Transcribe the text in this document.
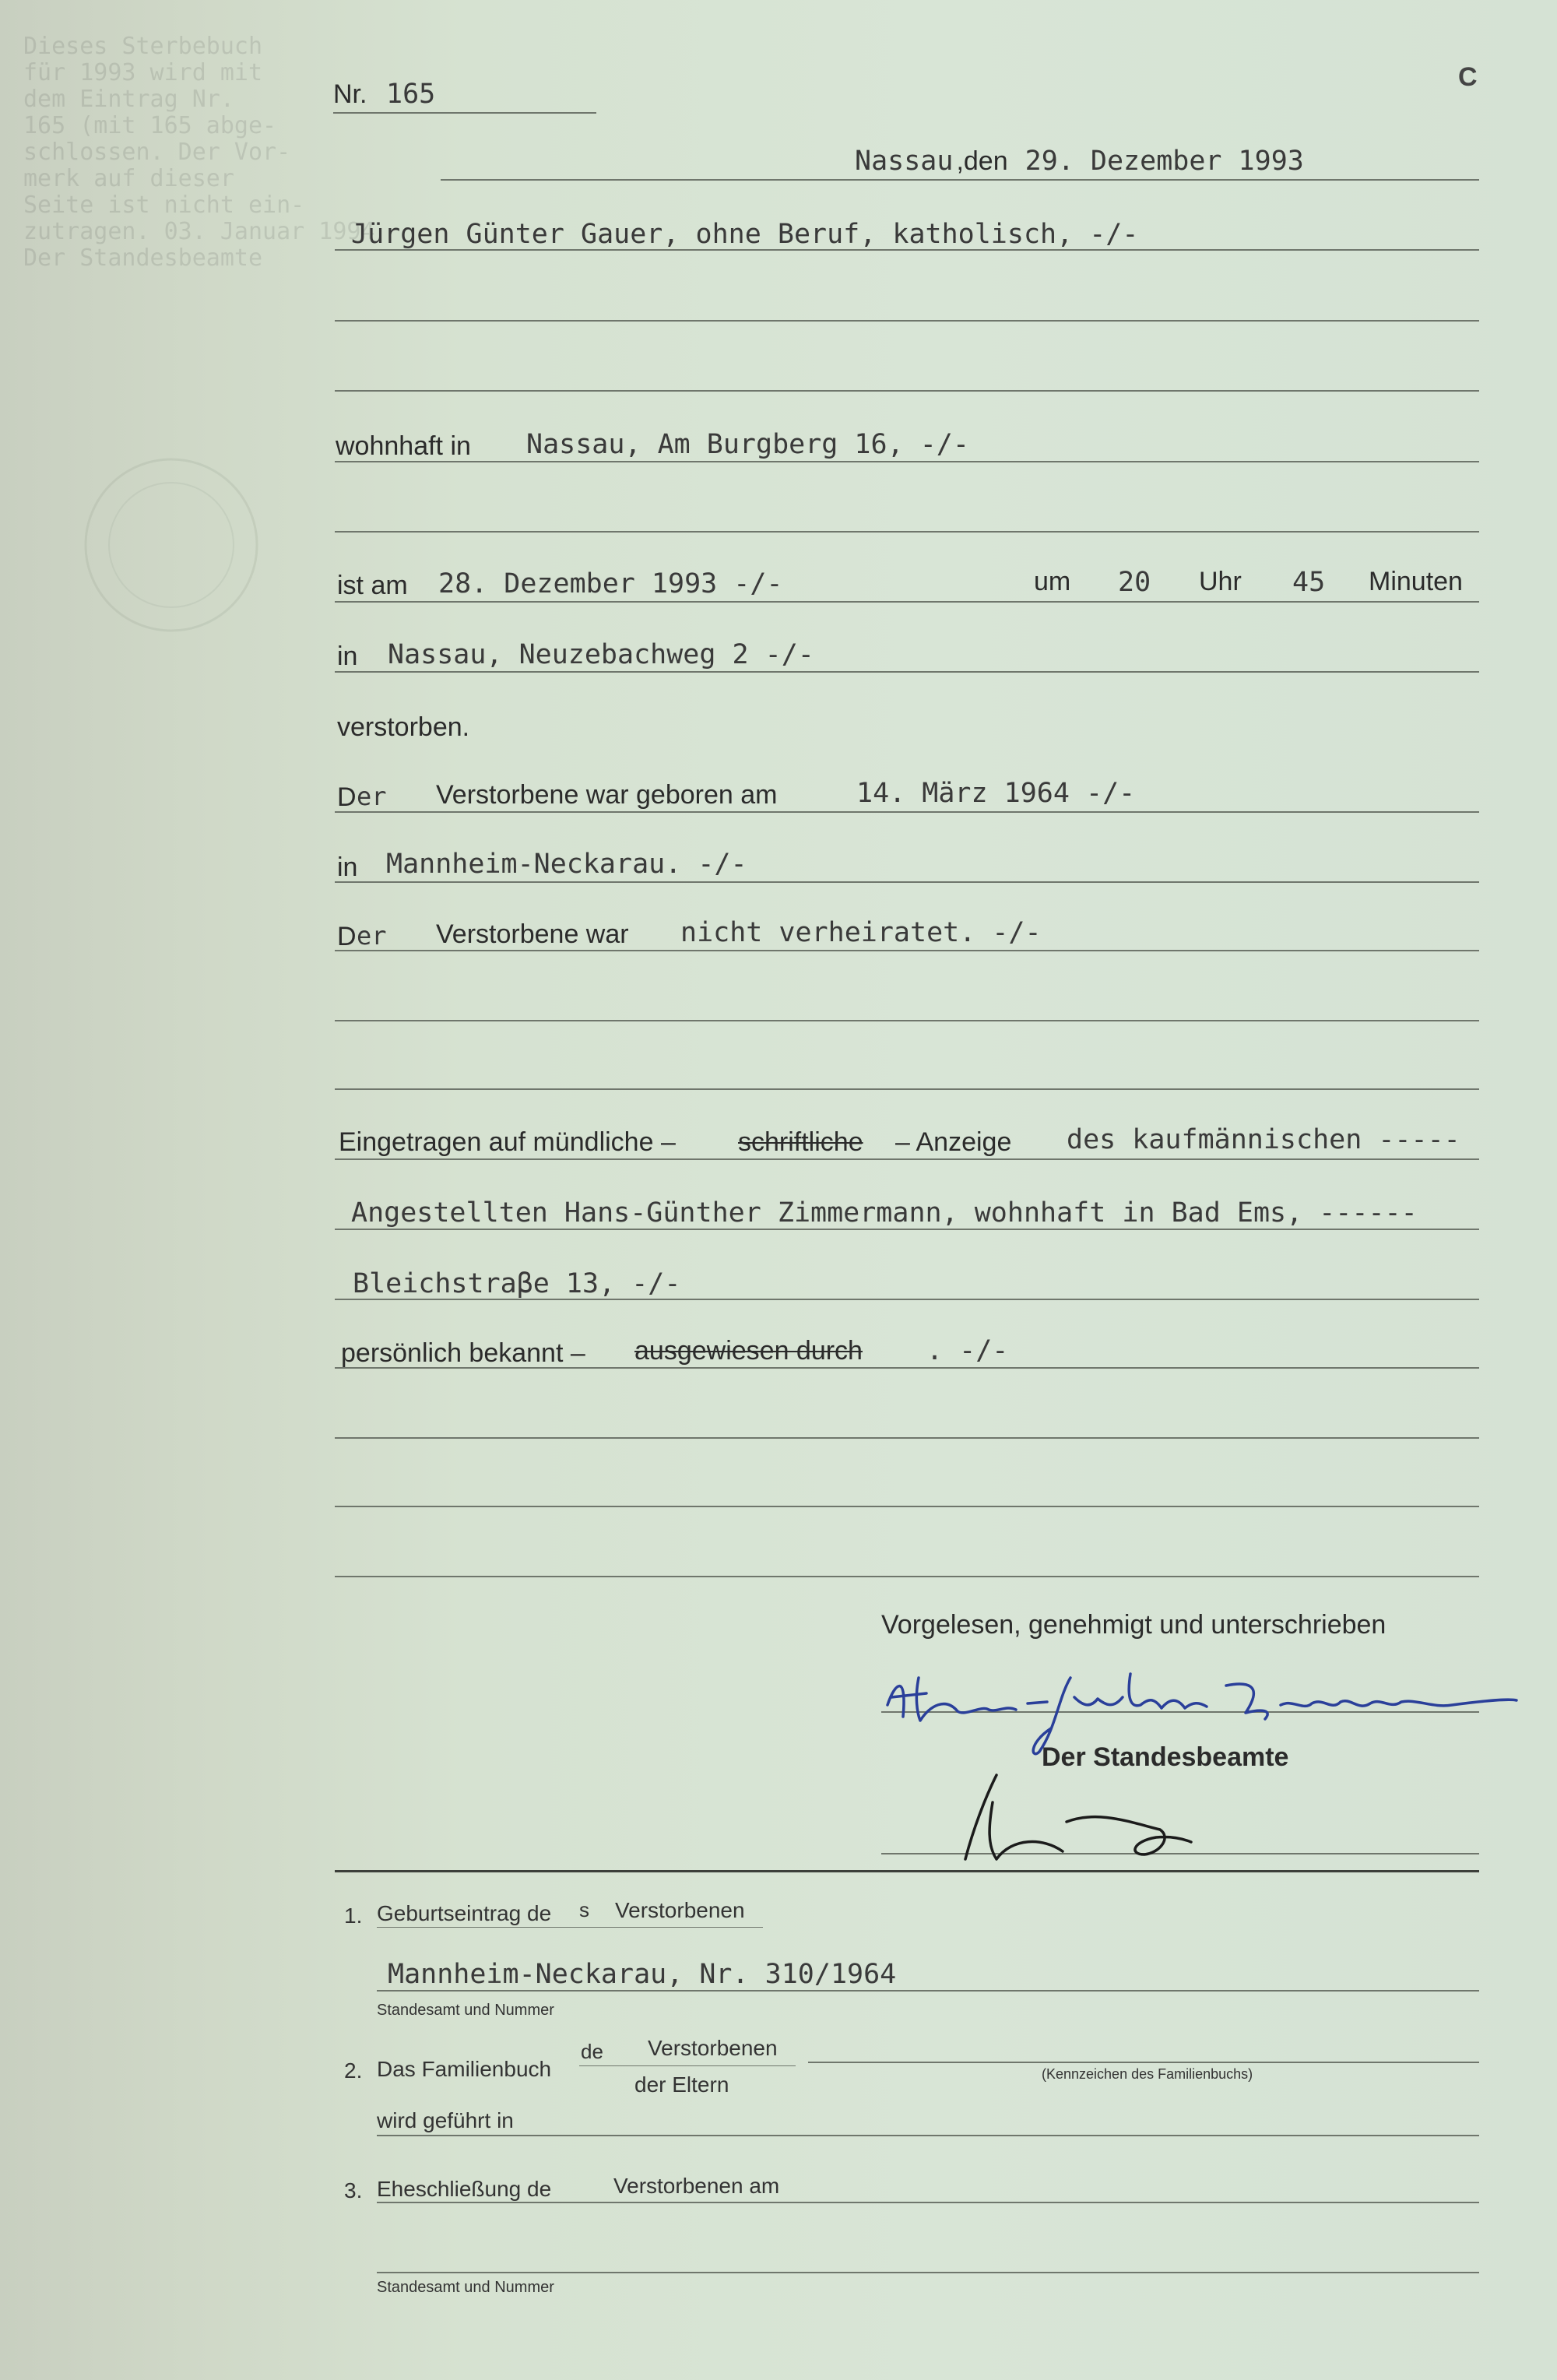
Dieses Sterbebuch
für 1993 wird mit
dem Eintrag Nr.
165 (mit 165 abge-
schlossen. Der Vor-
merk auf dieser
Seite ist nicht ein-
zutragen. 03. Januar 1994
Der Standesbeamte
C
Nr. 165
Nassau ,den 29. Dezember 1993
Jürgen Günter Gauer, ohne Beruf, katholisch, -/-
wohnhaft in Nassau, Am Burgberg 16, -/-
ist am 28. Dezember 1993 -/-	um 20 Uhr 45 Minuten
in Nassau, Neuzebachweg 2 -/-
verstorben.
D er Verstorbene war geboren am	14. März 1964 -/-
in Mannheim-Neckarau. -/-
D er Verstorbene war nicht verheiratet. -/-
Eingetragen auf mündliche – schriftliche – Anzeige des kaufmännischen -----
Angestellten Hans-Günther Zimmermann, wohnhaft in Bad Ems, ------
Bleichstraβe 13, -/-
persönlich bekannt – ausgewiesen durch . -/-
Vorgelesen, genehmigt und unterschrieben
Der Standesbeamte
1. Geburtseintrag de s Verstorbenen
Mannheim-Neckarau, Nr. 310/1964
Standesamt und Nummer
2. Das Familienbuch
de Verstorbenen
der Eltern	(Kennzeichen des Familienbuchs)
wird geführt in
3. Eheschließung de	Verstorbenen am
Standesamt und Nummer
